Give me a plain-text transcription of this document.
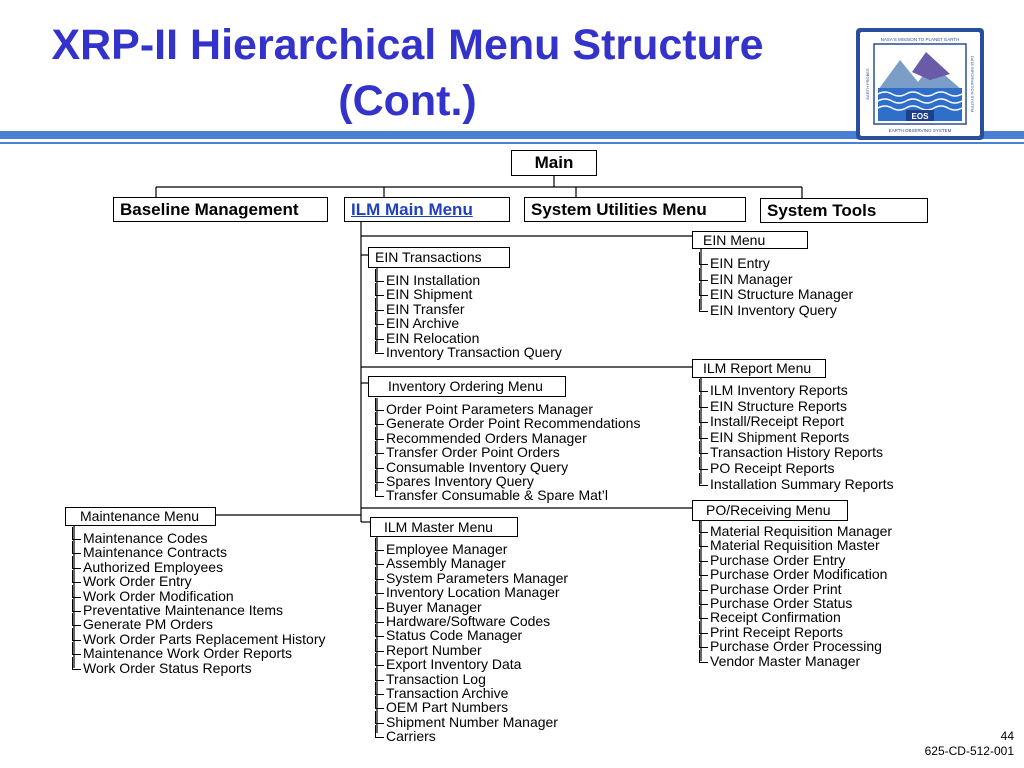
XRP-II Hierarchical Menu Structure
(Cont.)
NASA'S MISSION TO PLANET EARTH
EARTH OBSERVING SYSTEM
EARTH PROBES	DATA INFORMATION SYSTEM
EOS
Main
Baseline Management	ILM Main Menu	System Utilities Menu	System Tools
EIN Transactions
EIN Installation
EIN Shipment
EIN Transfer
EIN Archive
EIN Relocation
Inventory Transaction Query
Inventory Ordering Menu
Order Point Parameters Manager
Generate Order Point Recommendations
Recommended Orders Manager
Transfer Order Point Orders
Consumable Inventory Query
Spares Inventory Query
Transfer Consumable & Spare Mat’l
ILM Master Menu
Employee Manager
Assembly Manager
System Parameters Manager
Inventory Location Manager
Buyer Manager
Hardware/Software Codes
Status Code Manager
Report Number
Export Inventory Data
Transaction Log
Transaction Archive
OEM Part Numbers
Shipment Number Manager
Carriers
Maintenance Menu
Maintenance Codes
Maintenance Contracts
Authorized Employees
Work Order Entry
Work Order Modification
Preventative Maintenance Items
Generate PM Orders
Work Order Parts Replacement History
Maintenance Work Order Reports
Work Order Status Reports
EIN Menu
EIN Entry
EIN Manager
EIN Structure Manager
EIN Inventory Query
ILM Report Menu
ILM Inventory Reports
EIN Structure Reports
Install/Receipt Report
EIN Shipment Reports
Transaction History Reports
PO Receipt Reports
Installation Summary Reports
PO/Receiving Menu
Material Requisition Manager
Material Requisition Master
Purchase Order Entry
Purchase Order Modification
Purchase Order Print
Purchase Order Status
Receipt Confirmation
Print Receipt Reports
Purchase Order Processing
Vendor Master Manager
44
625-CD-512-001
